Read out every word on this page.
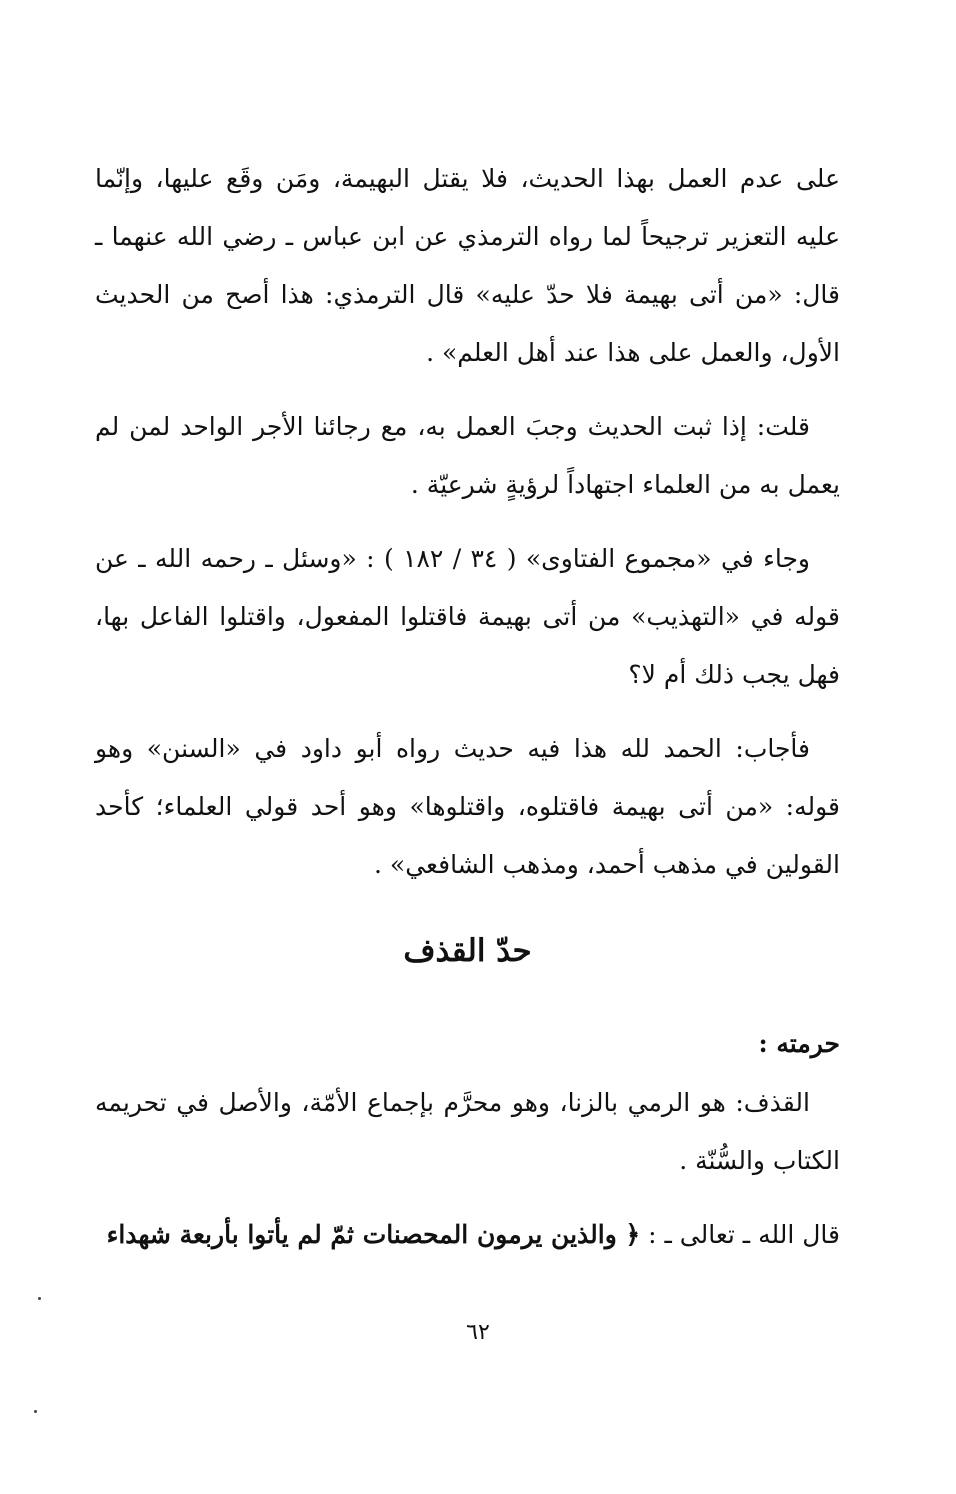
على عدم العمل بهذا الحديث، فلا يقتل البهيمة، ومَن وقَع عليها، وإنّما عليه التعزير ترجيحاً لما رواه الترمذي عن ابن عباس ـ رضي الله عنهما ـ قال: «من أتى بهيمة فلا حدّ عليه» قال الترمذي: هذا أصح من الحديث الأول، والعمل على هذا عند أهل العلم» .

قلت: إذا ثبت الحديث وجبَ العمل به، مع رجائنا الأجر الواحد لمن لم يعمل به من العلماء اجتهاداً لرؤيةٍ شرعيّة .

وجاء في «مجموع الفتاوى» ( ٣٤ / ١٨٢ ) : «وسئل ـ رحمه الله ـ عن قوله في «التهذيب» من أتى بهيمة فاقتلوا المفعول، واقتلوا الفاعل بها، فهل يجب ذلك أم لا؟

فأجاب: الحمد لله هذا فيه حديث رواه أبو داود في «السنن» وهو قوله: «من أتى بهيمة فاقتلوه، واقتلوها» وهو أحد قولي العلماء؛ كأحد القولين في مذهب أحمد، ومذهب الشافعي» .

حدّ القذف
حرمته :

القذف: هو الرمي بالزنا، وهو محرَّم بإجماع الأمّة، والأصل في تحريمه الكتاب والسُّنّة .

قال الله ـ تعالى ـ : ﴿ والذين يرمون المحصنات ثمّ لم يأتوا بأربعة شهداء

٦٢
